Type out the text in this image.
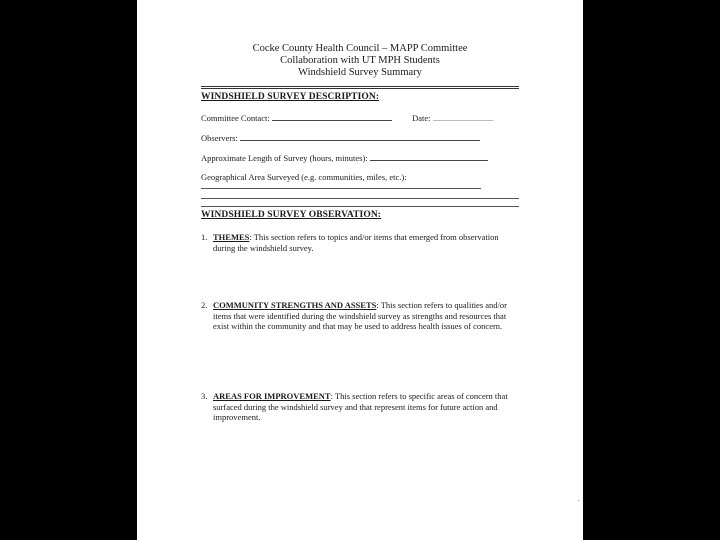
Cocke County Health Council – MAPP Committee
Collaboration with UT MPH Students
Windshield Survey Summary
WINDSHIELD SURVEY DESCRIPTION:
Committee Contact:	Date:
Observers:
Approximate Length of Survey (hours, minutes):
Geographical Area Surveyed (e.g. communities, miles, etc.):
WINDSHIELD SURVEY OBSERVATION:
1. THEMES: This section refers to topics and/or items that emerged from observation during the windshield survey.
2. COMMUNITY STRENGTHS AND ASSETS: This section refers to qualities and/or items that were identified during the windshield survey as strengths and resources that exist within the community and that may be used to address health issues of concern.
3. AREAS FOR IMPROVEMENT: This section refers to specific areas of concern that surfaced during the windshield survey and that represent items for future action and improvement.
